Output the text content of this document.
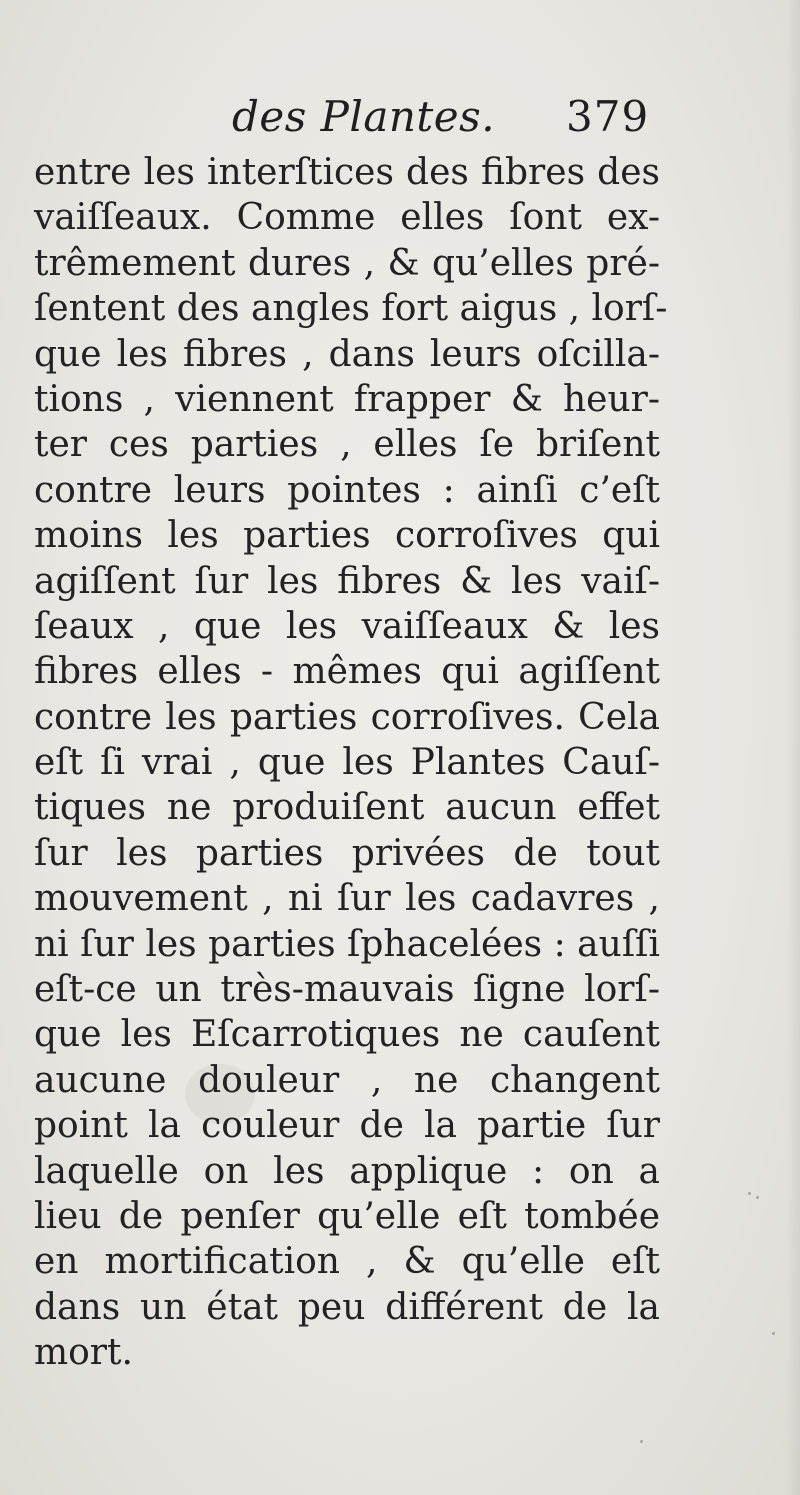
des Plantes. 379
entre les interſtices des fibres des
vaiſſeaux. Comme elles ſont ex-
trêmement dures , & qu’elles pré-
ſentent des angles fort aigus , lorſ-
que les fibres , dans leurs oſcilla-
tions , viennent frapper & heur-
ter ces parties , elles ſe briſent
contre leurs pointes : ainſi c’eſt
moins les parties corroſives qui
agiſſent ſur les fibres & les vaiſ-
ſeaux , que les vaiſſeaux & les
fibres elles - mêmes qui agiſſent
contre les parties corroſives. Cela
eſt ſi vrai , que les Plantes Cauſ-
tiques ne produiſent aucun effet
ſur les parties privées de tout
mouvement , ni ſur les cadavres ,
ni ſur les parties ſphacelées : auſſi
eſt-ce un très-mauvais ſigne lorſ-
que les Eſcarrotiques ne cauſent
aucune douleur , ne changent
point la couleur de la partie ſur
laquelle on les applique : on a
lieu de penſer qu’elle eſt tombée
en mortification , & qu’elle eſt
dans un état peu différent de la
mort.
